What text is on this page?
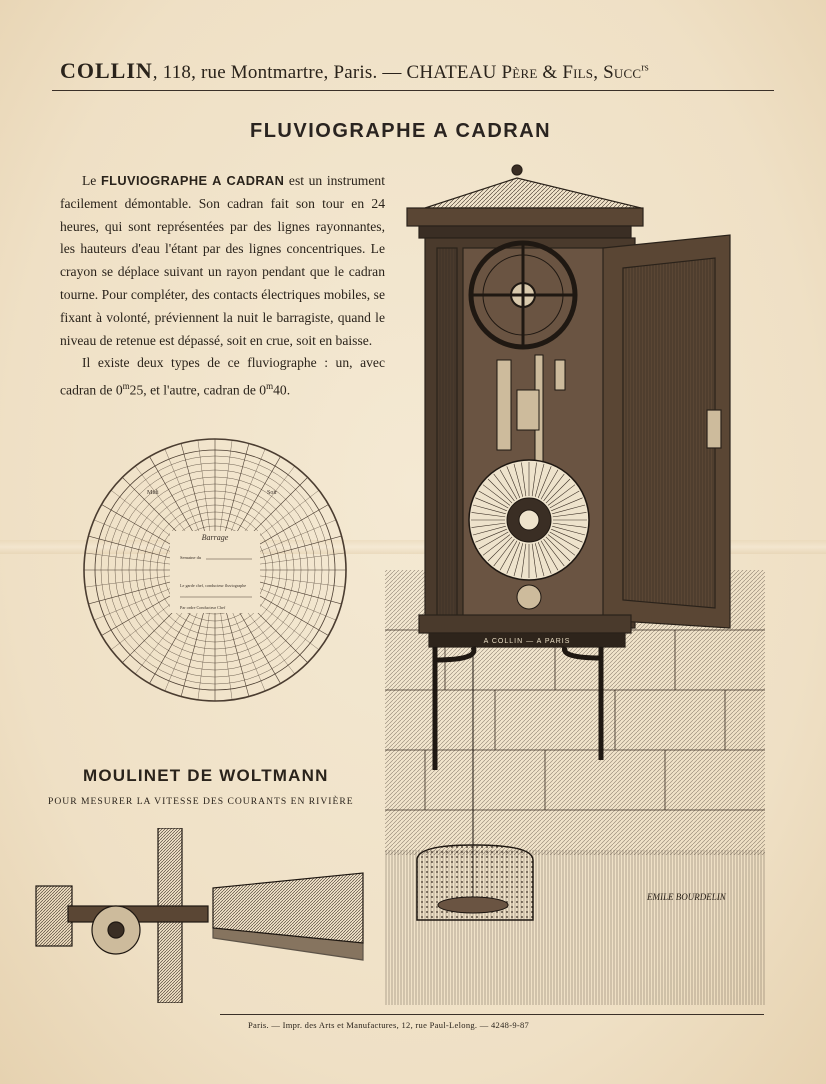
COLLIN, 118, rue Montmartre, Paris. — CHATEAU Père & Fils, Succ$^{rs}$
FLUVIOGRAPHE A CADRAN

Le FLUVIOGRAPHE A CADRAN est un instrument facilement démontable. Son cadran fait son tour en 24 heures, qui sont représentées par des lignes rayonnantes, les hauteurs d'eau l'étant par des lignes concentriques. Le crayon se déplace suivant un rayon pendant que le cadran tourne. Pour compléter, des contacts électriques mobiles, se fixant à volonté, préviennent la nuit le barragiste, quand le niveau de retenue est dépassé, soit en crue, soit en baisse.

Il existe deux types de ce fluviographe : un, avec cadran de 0$^m$25, et l'autre, cadran de 0$^m$40.

Barrage
Midi	Soir
Semaine du
Le garde chef, conducteur fluviographe
Par ordre Conducteur Chef
A COLLIN — A PARIS
EMILE BOURDELIN
MOULINET DE WOLTMANN
POUR MESURER LA VITESSE DES COURANTS EN RIVIÈRE
Paris. — Impr. des Arts et Manufactures, 12, rue Paul-Lelong. — 4248-9-87
